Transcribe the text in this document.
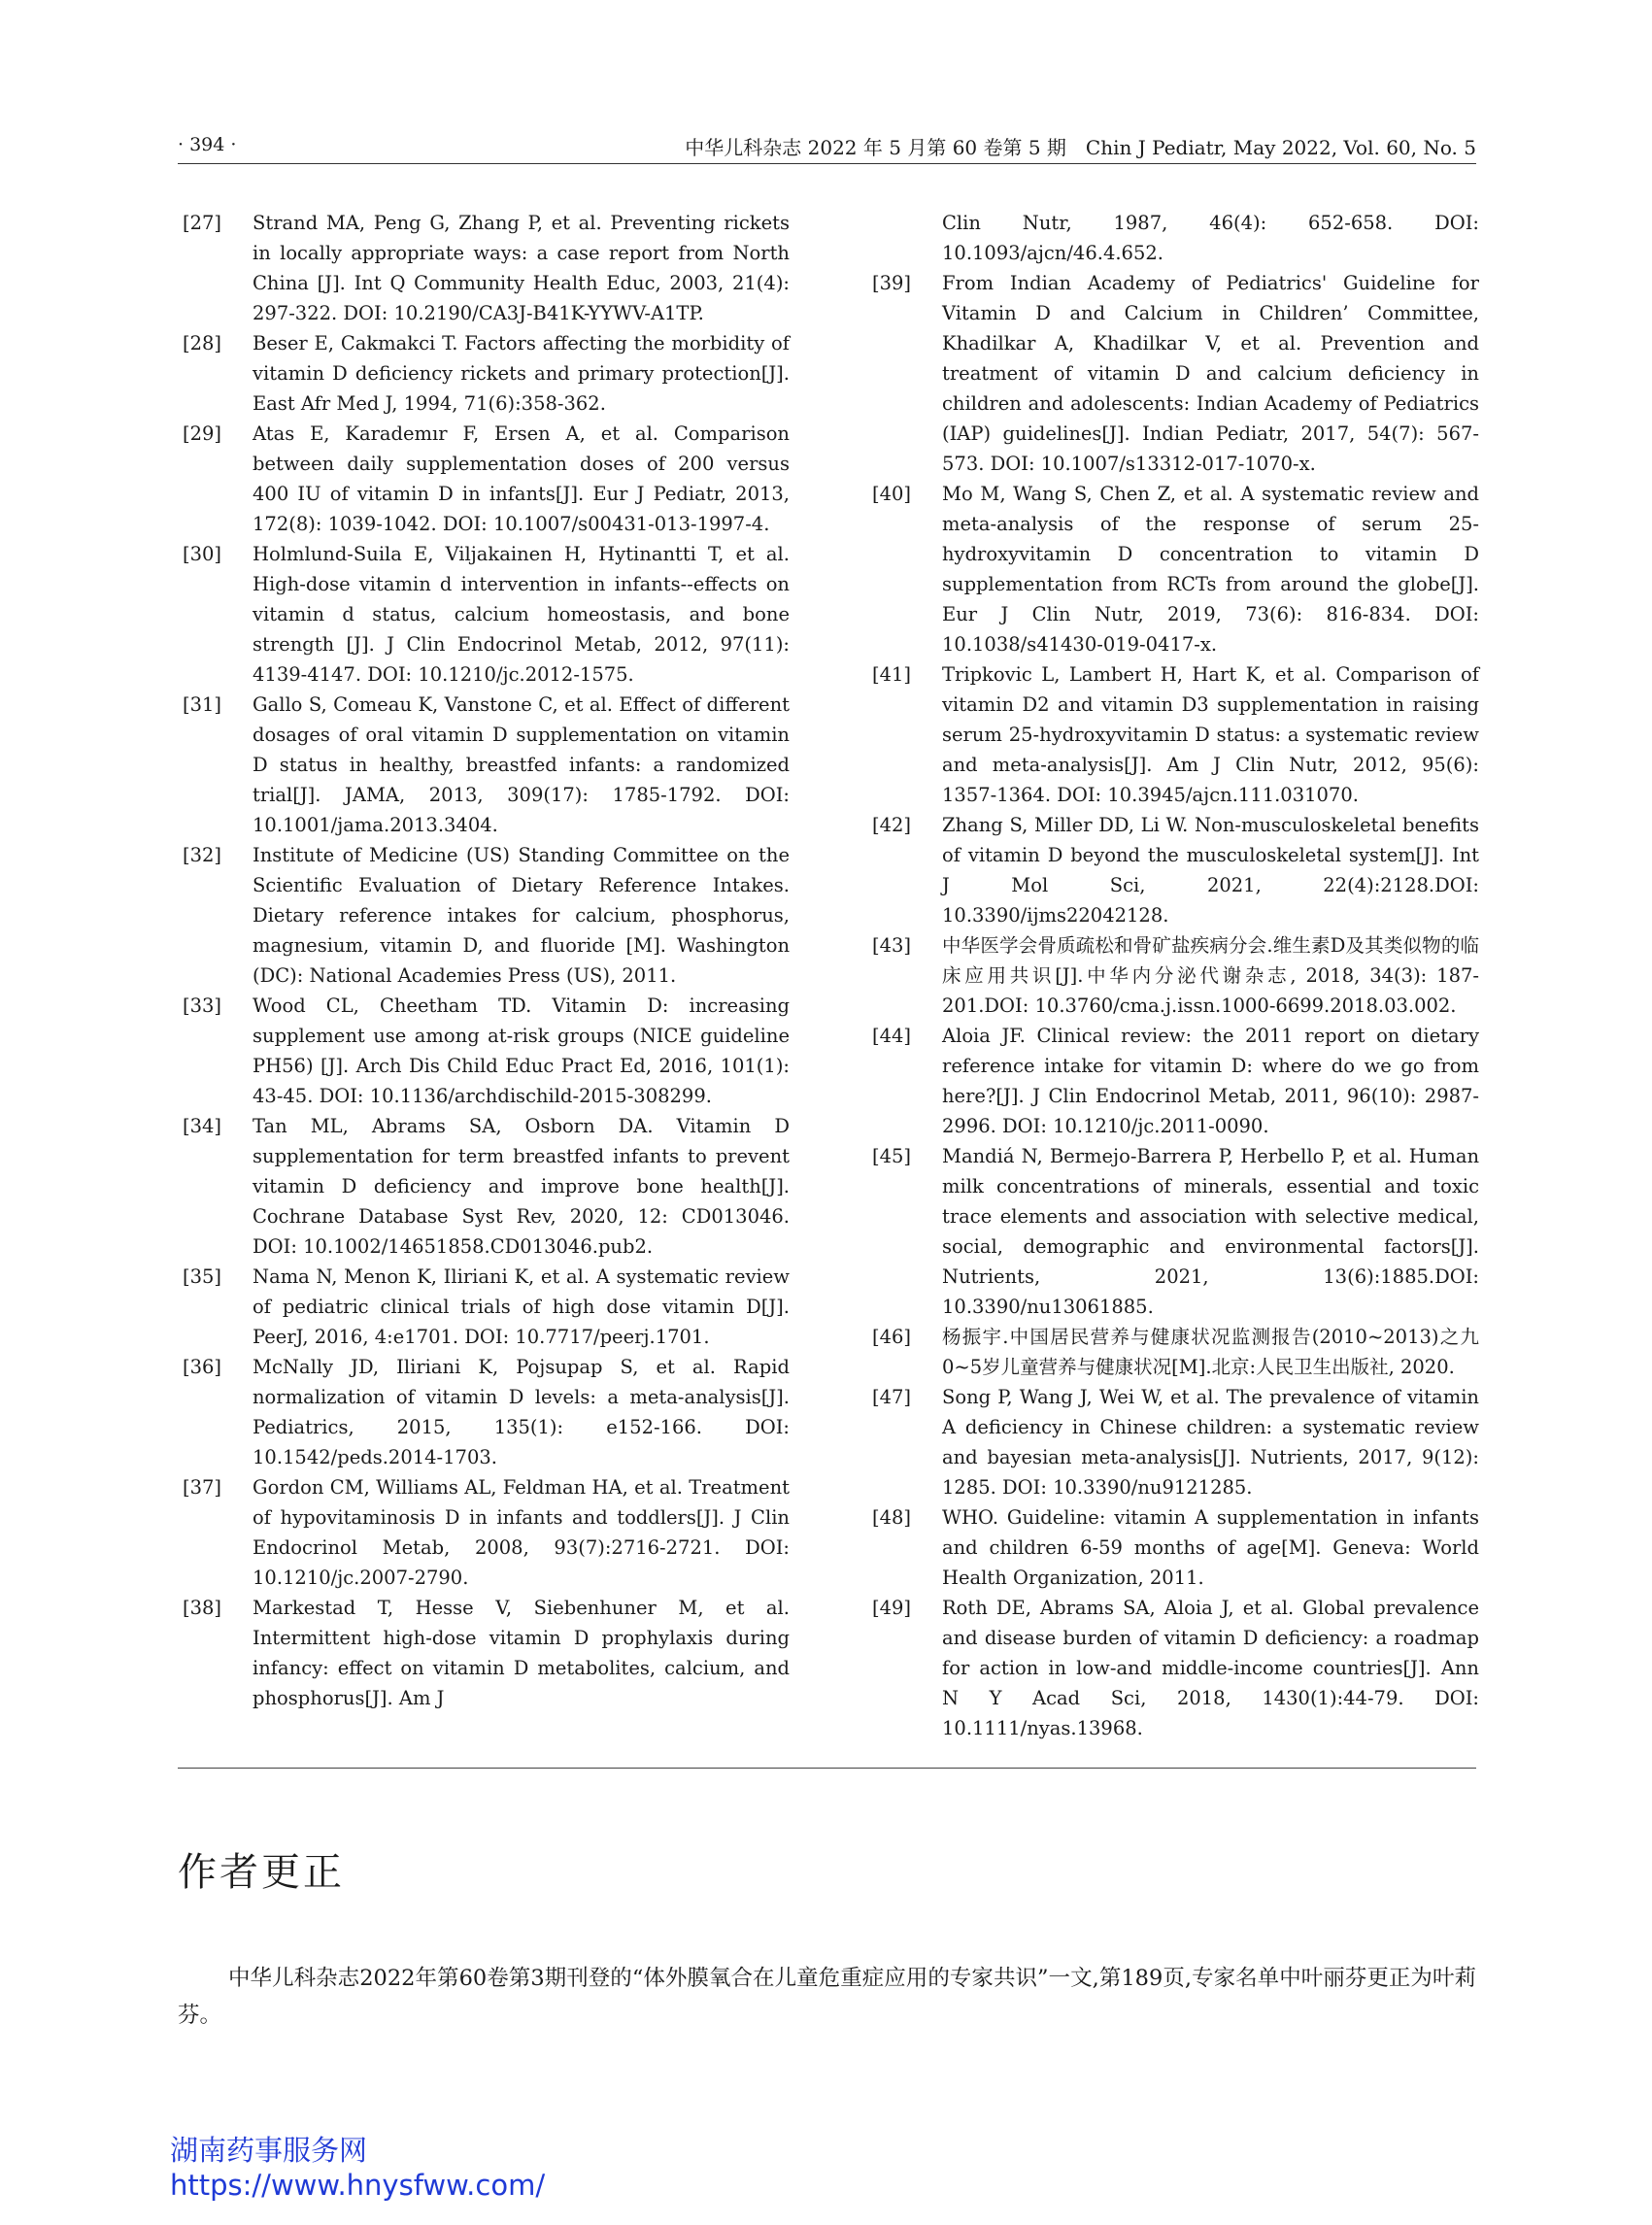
· 394 ·	中华儿科杂志 2022 年 5 月第 60 卷第 5 期　Chin J Pediatr, May 2022, Vol. 60, No. 5
[27]	Strand MA, Peng G, Zhang P, et al. Preventing rickets in locally appropriate ways: a case report from North China [J]. Int Q Community Health Educ, 2003, 21(4): 297-322. DOI: 10.2190/CA3J-B41K-YYWV-A1TP.
[28]	Beser E, Cakmakci T. Factors affecting the morbidity of vitamin D deficiency rickets and primary protection[J]. East Afr Med J, 1994, 71(6):358-362.
[29]	Atas E, Karademır F, Ersen A, et al. Comparison between daily supplementation doses of 200 versus 400 IU of vitamin D in infants[J]. Eur J Pediatr, 2013, 172(8): 1039-1042. DOI: 10.1007/s00431-013-1997-4.
[30]	Holmlund-Suila E, Viljakainen H, Hytinantti T, et al. High-dose vitamin d intervention in infants--effects on vitamin d status, calcium homeostasis, and bone strength [J]. J Clin Endocrinol Metab, 2012, 97(11): 4139-4147. DOI: 10.1210/jc.2012-1575.
[31]	Gallo S, Comeau K, Vanstone C, et al. Effect of different dosages of oral vitamin D supplementation on vitamin D status in healthy, breastfed infants: a randomized trial[J]. JAMA, 2013, 309(17): 1785-1792. DOI: 10.1001/jama.2013.3404.
[32]	Institute of Medicine (US) Standing Committee on the Scientific Evaluation of Dietary Reference Intakes. Dietary reference intakes for calcium, phosphorus, magnesium, vitamin D, and fluoride [M]. Washington (DC): National Academies Press (US), 2011.
[33]	Wood CL, Cheetham TD. Vitamin D: increasing supplement use among at-risk groups (NICE guideline PH56) [J]. Arch Dis Child Educ Pract Ed, 2016, 101(1): 43-45. DOI: 10.1136/archdischild-2015-308299.
[34]	Tan ML, Abrams SA, Osborn DA. Vitamin D supplementation for term breastfed infants to prevent vitamin D deficiency and improve bone health[J]. Cochrane Database Syst Rev, 2020, 12: CD013046. DOI: 10.1002/14651858.CD013046.pub2.
[35]	Nama N, Menon K, Iliriani K, et al. A systematic review of pediatric clinical trials of high dose vitamin D[J]. PeerJ, 2016, 4:e1701. DOI: 10.7717/peerj.1701.
[36]	McNally JD, Iliriani K, Pojsupap S, et al. Rapid normalization of vitamin D levels: a meta-analysis[J]. Pediatrics, 2015, 135(1): e152-166. DOI: 10.1542/peds.2014-1703.
[37]	Gordon CM, Williams AL, Feldman HA, et al. Treatment of hypovitaminosis D in infants and toddlers[J]. J Clin Endocrinol Metab, 2008, 93(7):2716-2721. DOI: 10.1210/jc.2007-2790.
[38]	Markestad T, Hesse V, Siebenhuner M, et al. Intermittent high-dose vitamin D prophylaxis during infancy: effect on vitamin D metabolites, calcium, and phosphorus[J]. Am J
Clin Nutr, 1987, 46(4): 652-658. DOI: 10.1093/ajcn/46.4.652.
[39]	From Indian Academy of Pediatrics' Guideline for Vitamin D and Calcium in Children’ Committee, Khadilkar A, Khadilkar V, et al. Prevention and treatment of vitamin D and calcium deficiency in children and adolescents: Indian Academy of Pediatrics (IAP) guidelines[J]. Indian Pediatr, 2017, 54(7): 567-573. DOI: 10.1007/s13312-017-1070-x.
[40]	Mo M, Wang S, Chen Z, et al. A systematic review and meta-analysis of the response of serum 25-hydroxyvitamin D concentration to vitamin D supplementation from RCTs from around the globe[J]. Eur J Clin Nutr, 2019, 73(6): 816-834. DOI: 10.1038/s41430-019-0417-x.
[41]	Tripkovic L, Lambert H, Hart K, et al. Comparison of vitamin D2 and vitamin D3 supplementation in raising serum 25-hydroxyvitamin D status: a systematic review and meta-analysis[J]. Am J Clin Nutr, 2012, 95(6): 1357-1364. DOI: 10.3945/ajcn.111.031070.
[42]	Zhang S, Miller DD, Li W. Non-musculoskeletal benefits of vitamin D beyond the musculoskeletal system[J]. Int J Mol Sci, 2021, 22(4):2128.DOI: 10.3390/ijms22042128.
[43]	中华医学会骨质疏松和骨矿盐疾病分会.维生素D及其类似物的临床应用共识[J].中华内分泌代谢杂志, 2018, 34(3): 187-201.DOI: 10.3760/cma.j.issn.1000-6699.2018.03.002.
[44]	Aloia JF. Clinical review: the 2011 report on dietary reference intake for vitamin D: where do we go from here?[J]. J Clin Endocrinol Metab, 2011, 96(10): 2987-2996. DOI: 10.1210/jc.2011-0090.
[45]	Mandiá N, Bermejo-Barrera P, Herbello P, et al. Human milk concentrations of minerals, essential and toxic trace elements and association with selective medical, social, demographic and environmental factors[J]. Nutrients, 2021, 13(6):1885.DOI: 10.3390/nu13061885.
[46]	杨振宇.中国居民营养与健康状况监测报告(2010~2013)之九 0~5岁儿童营养与健康状况[M].北京:人民卫生出版社, 2020.
[47]	Song P, Wang J, Wei W, et al. The prevalence of vitamin A deficiency in Chinese children: a systematic review and bayesian meta-analysis[J]. Nutrients, 2017, 9(12): 1285. DOI: 10.3390/nu9121285.
[48]	WHO. Guideline: vitamin A supplementation in infants and children 6-59 months of age[M]. Geneva: World Health Organization, 2011.
[49]	Roth DE, Abrams SA, Aloia J, et al. Global prevalence and disease burden of vitamin D deficiency: a roadmap for action in low-and middle-income countries[J]. Ann N Y Acad Sci, 2018, 1430(1):44-79. DOI: 10.1111/nyas.13968.
作者更正
中华儿科杂志2022年第60卷第3期刊登的“体外膜氧合在儿童危重症应用的专家共识”一文,第189页,专家名单中叶丽芬更正为叶莉芬。
湖南药事服务网
https://www.hnysfww.com/
